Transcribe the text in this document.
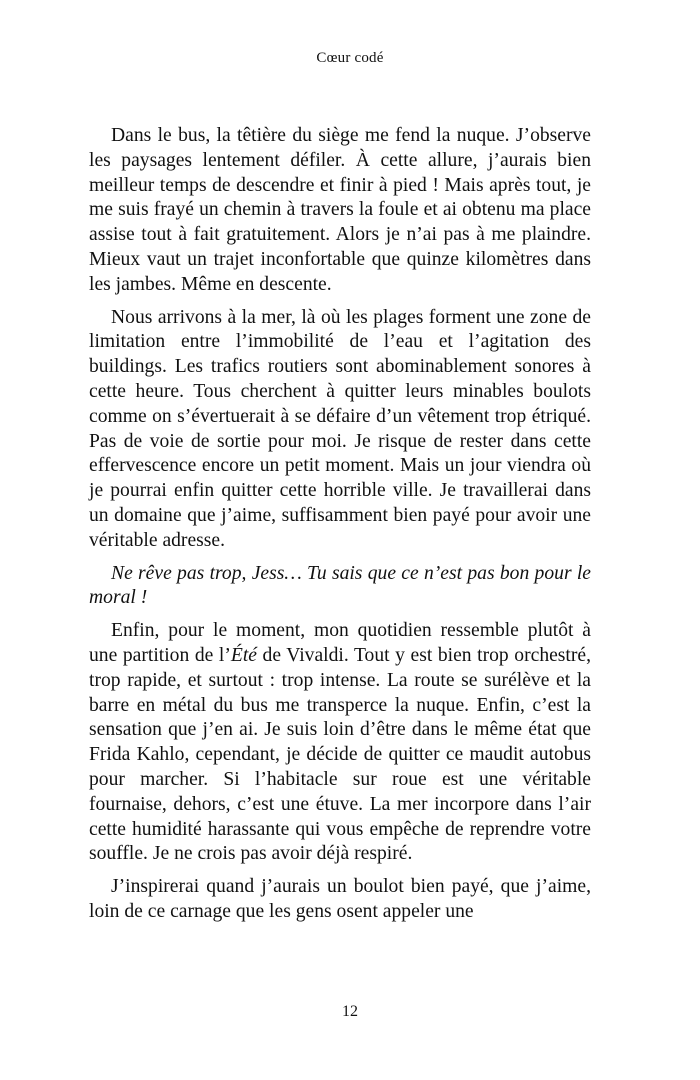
Cœur codé

Dans le bus, la têtière du siège me fend la nuque. J’observe les paysages lentement défiler. À cette allure, j’aurais bien meilleur temps de descendre et finir à pied ! Mais après tout, je me suis frayé un chemin à travers la foule et ai obtenu ma place assise tout à fait gratuitement. Alors je n’ai pas à me plaindre. Mieux vaut un trajet inconfortable que quinze kilomètres dans les jambes. Même en descente.

Nous arrivons à la mer, là où les plages forment une zone de limitation entre l’immobilité de l’eau et l’agitation des buildings. Les trafics routiers sont abominablement sonores à cette heure. Tous cherchent à quitter leurs minables boulots comme on s’évertuerait à se défaire d’un vêtement trop étriqué. Pas de voie de sortie pour moi. Je risque de rester dans cette effervescence encore un petit moment. Mais un jour viendra où je pourrai enfin quitter cette horrible ville. Je travaillerai dans un domaine que j’aime, suffisamment bien payé pour avoir une véritable adresse.

Ne rêve pas trop, Jess… Tu sais que ce n’est pas bon pour le moral !

Enfin, pour le moment, mon quotidien ressemble plutôt à une partition de l’Été de Vivaldi. Tout y est bien trop orchestré, trop rapide, et surtout : trop intense. La route se surélève et la barre en métal du bus me transperce la nuque. Enfin, c’est la sensation que j’en ai. Je suis loin d’être dans le même état que Frida Kahlo, cependant, je décide de quitter ce maudit autobus pour marcher. Si l’habitacle sur roue est une véritable fournaise, dehors, c’est une étuve. La mer incorpore dans l’air cette humidité harassante qui vous empêche de reprendre votre souffle. Je ne crois pas avoir déjà respiré.

J’inspirerai quand j’aurais un boulot bien payé, que j’aime, loin de ce carnage que les gens osent appeler une

12
